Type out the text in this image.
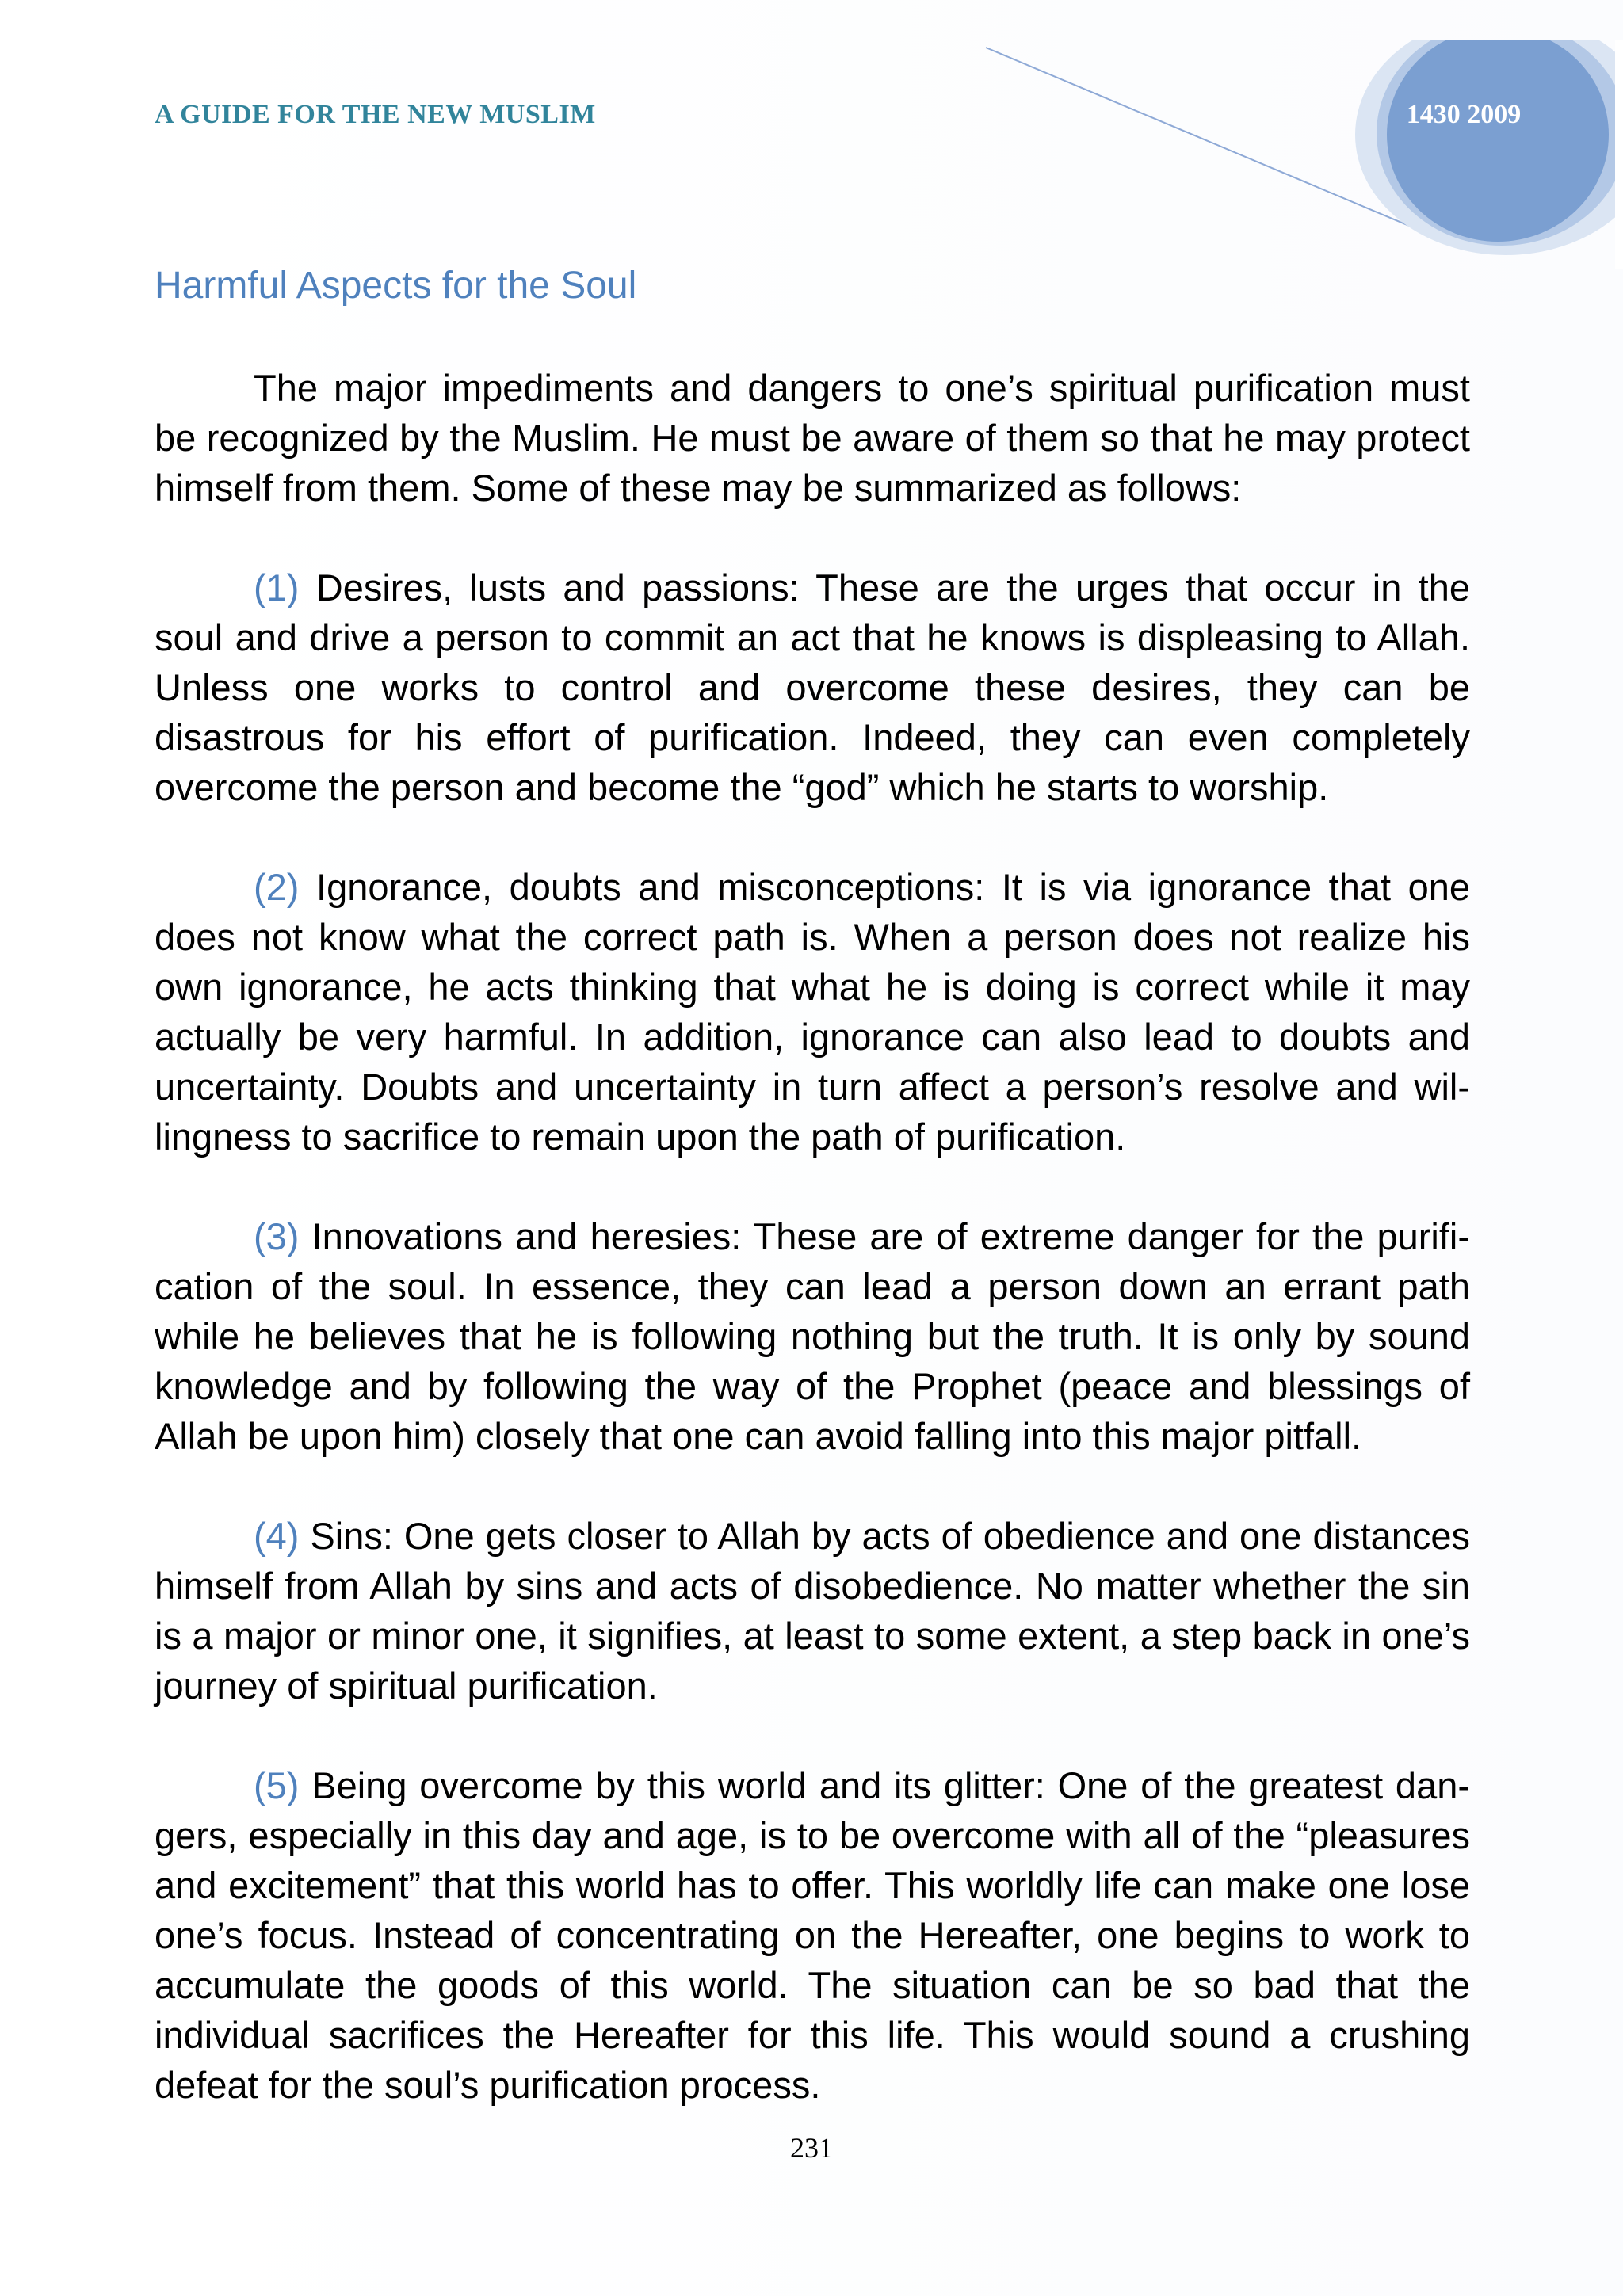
A GUIDE FOR THE NEW MUSLIM	1430 2009
Harmful Aspects for the Soul

The major impediments and dangers to one’s spiritual purification must be recognized by the Muslim. He must be aware of them so that he may protect himself from them. Some of these may be summarized as follows:

(1) Desires, lusts and passions: These are the urges that occur in the soul and drive a person to commit an act that he knows is displeasing to Allah. Unless one works to control and overcome these desires, they can be disastrous for his effort of purification. Indeed, they can even completely overcome the person and become the “god” which he starts to worship.

(2) Ignorance, doubts and misconceptions: It is via ignorance that one does not know what the correct path is. When a person does not realize his own ignorance, he acts thinking that what he is doing is correct while it may actually be very harmful. In addition, ignorance can also lead to doubts and uncertainty. Doubts and uncertainty in turn affect a person’s resolve and willingness to sacrifice to remain upon the path of purification.

(3) Innovations and heresies: These are of extreme danger for the purification of the soul. In essence, they can lead a person down an errant path while he believes that he is following nothing but the truth. It is only by sound knowledge and by following the way of the Prophet (peace and blessings of Allah be upon him) closely that one can avoid falling into this major pitfall.

(4) Sins: One gets closer to Allah by acts of obedience and one distances himself from Allah by sins and acts of disobedience. No matter whether the sin is a major or minor one, it signifies, at least to some extent, a step back in one’s journey of spiritual purification.

(5) Being overcome by this world and its glitter: One of the greatest dangers, especially in this day and age, is to be overcome with all of the “pleasures and excitement” that this world has to offer. This worldly life can make one lose one’s focus. Instead of concentrating on the Hereafter, one begins to work to accumulate the goods of this world. The situation can be so bad that the individual sacrifices the Hereafter for this life. This would sound a crushing defeat for the soul’s purification process.

231
